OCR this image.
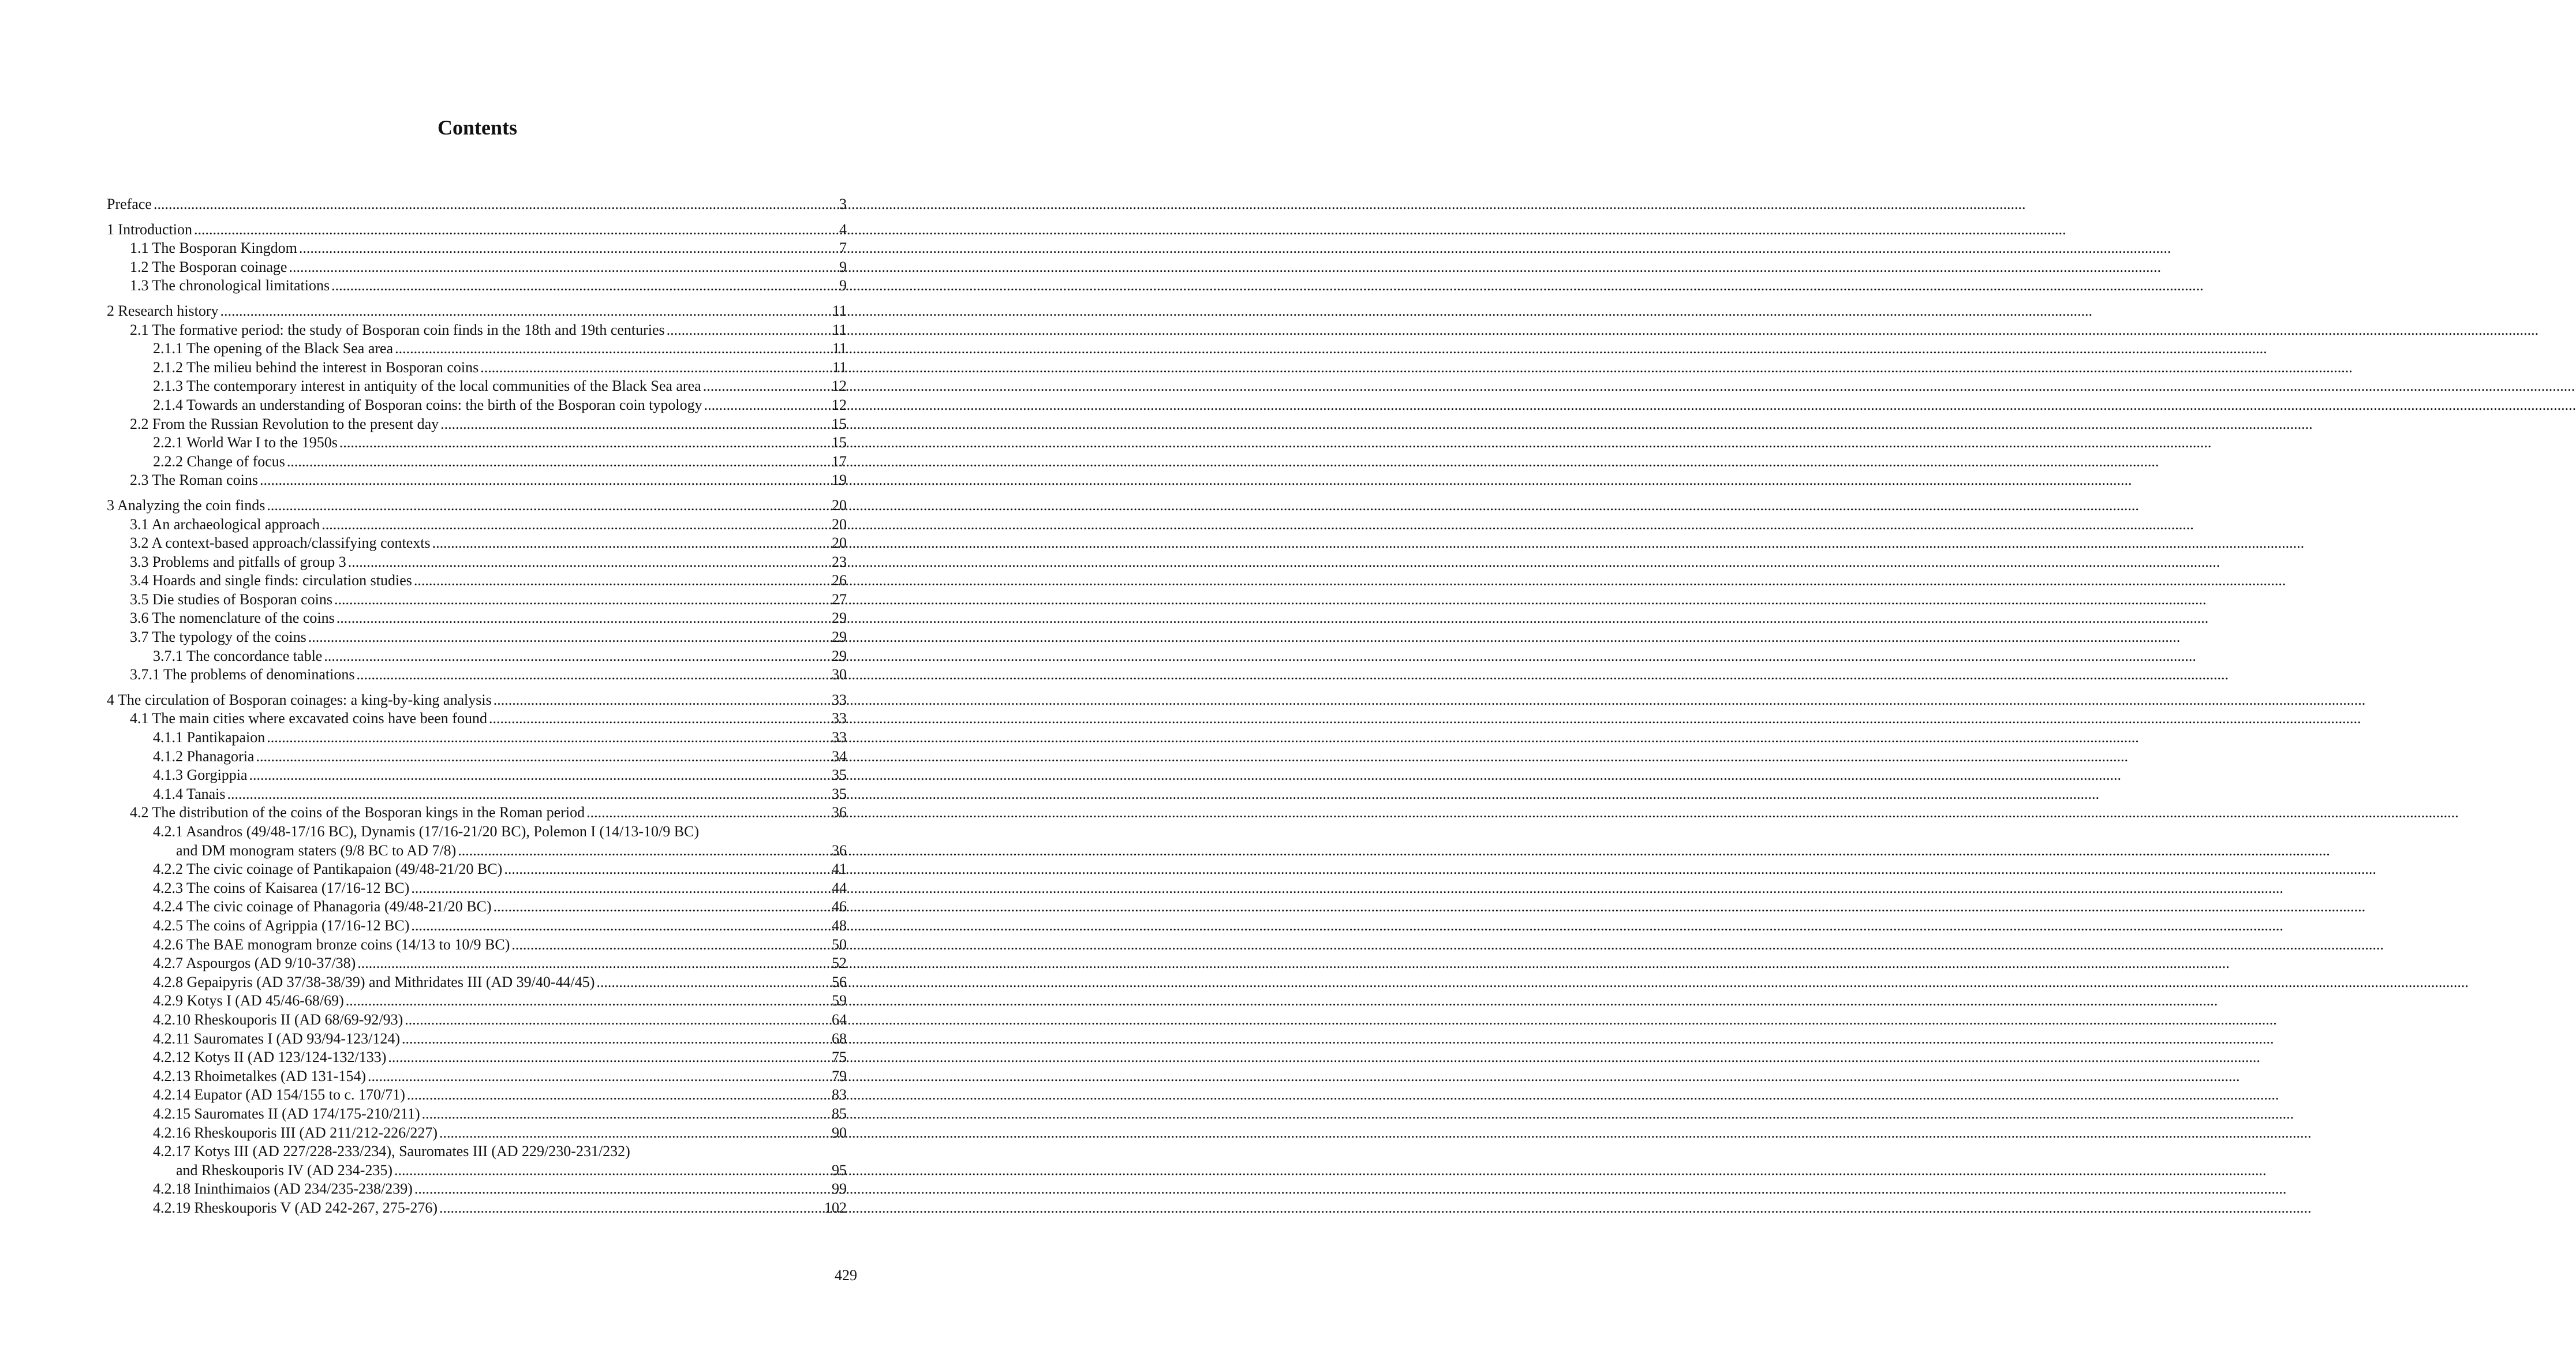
Contents
Preface .....	3
1 Introduction .....	4
1.1 The Bosporan Kingdom .....	7
1.2 The Bosporan coinage .....	9
1.3 The chronological limitations .....	9
2 Research history .....	11
2.1 The formative period: the study of Bosporan coin finds in the 18th and 19th centuries .....	11
2.1.1 The opening of the Black Sea area .....	11
2.1.2 The milieu behind the interest in Bosporan coins .....	11
2.1.3 The contemporary interest in antiquity of the local communities of the Black Sea area .....	12
2.1.4 Towards an understanding of Bosporan coins: the birth of the Bosporan coin typology .....	12
2.2 From the Russian Revolution to the present day .....	15
2.2.1 World War I to the 1950s .....	15
2.2.2 Change of focus .....	17
2.3 The Roman coins .....	19
3 Analyzing the coin finds .....	20
3.1 An archaeological approach .....	20
3.2 A context-based approach/classifying contexts .....	20
3.3 Problems and pitfalls of group 3 .....	23
3.4 Hoards and single finds: circulation studies .....	26
3.5 Die studies of Bosporan coins .....	27
3.6 The nomenclature of the coins .....	29
3.7 The typology of the coins .....	29
3.7.1 The concordance table .....	29
3.7.1 The problems of denominations .....	30
4 The circulation of Bosporan coinages: a king-by-king analysis .....	33
4.1 The main cities where excavated coins have been found .....	33
4.1.1 Pantikapaion .....	33
4.1.2 Phanagoria .....	34
4.1.3 Gorgippia .....	35
4.1.4 Tanais .....	35
4.2 The distribution of the coins of the Bosporan kings in the Roman period .....	36
4.2.1 Asandros (49/48-17/16 BC), Dynamis (17/16-21/20 BC), Polemon I (14/13-10/9 BC)
and DM monogram staters (9/8 BC to AD 7/8) .....	36
4.2.2 The civic coinage of Pantikapaion (49/48-21/20 BC) .....	41
4.2.3 The coins of Kaisarea (17/16-12 BC) .....	44
4.2.4 The civic coinage of Phanagoria (49/48-21/20 BC) .....	46
4.2.5 The coins of Agrippia (17/16-12 BC) .....	48
4.2.6 The BAE monogram bronze coins (14/13 to 10/9 BC) .....	50
4.2.7 Aspourgos (AD 9/10-37/38) .....	52
4.2.8 Gepaipyris (AD 37/38-38/39) and Mithridates III (AD 39/40-44/45) .....	56
4.2.9 Kotys I (AD 45/46-68/69) .....	59
4.2.10 Rheskouporis II (AD 68/69-92/93) .....	64
4.2.11 Sauromates I (AD 93/94-123/124) .....	68
4.2.12 Kotys II (AD 123/124-132/133) .....	75
4.2.13 Rhoimetalkes (AD 131-154) .....	79
4.2.14 Eupator (AD 154/155 to c. 170/71) .....	83
4.2.15 Sauromates II (AD 174/175-210/211) .....	85
4.2.16 Rheskouporis III (AD 211/212-226/227) .....	90
4.2.17 Kotys III (AD 227/228-233/234), Sauromates III (AD 229/230-231/232)
and Rheskouporis IV (AD 234-235) .....	95
4.2.18 Ininthimaios (AD 234/235-238/239) .....	99
4.2.19 Rheskouporis V (AD 242-267, 275-276) .....	102
429
